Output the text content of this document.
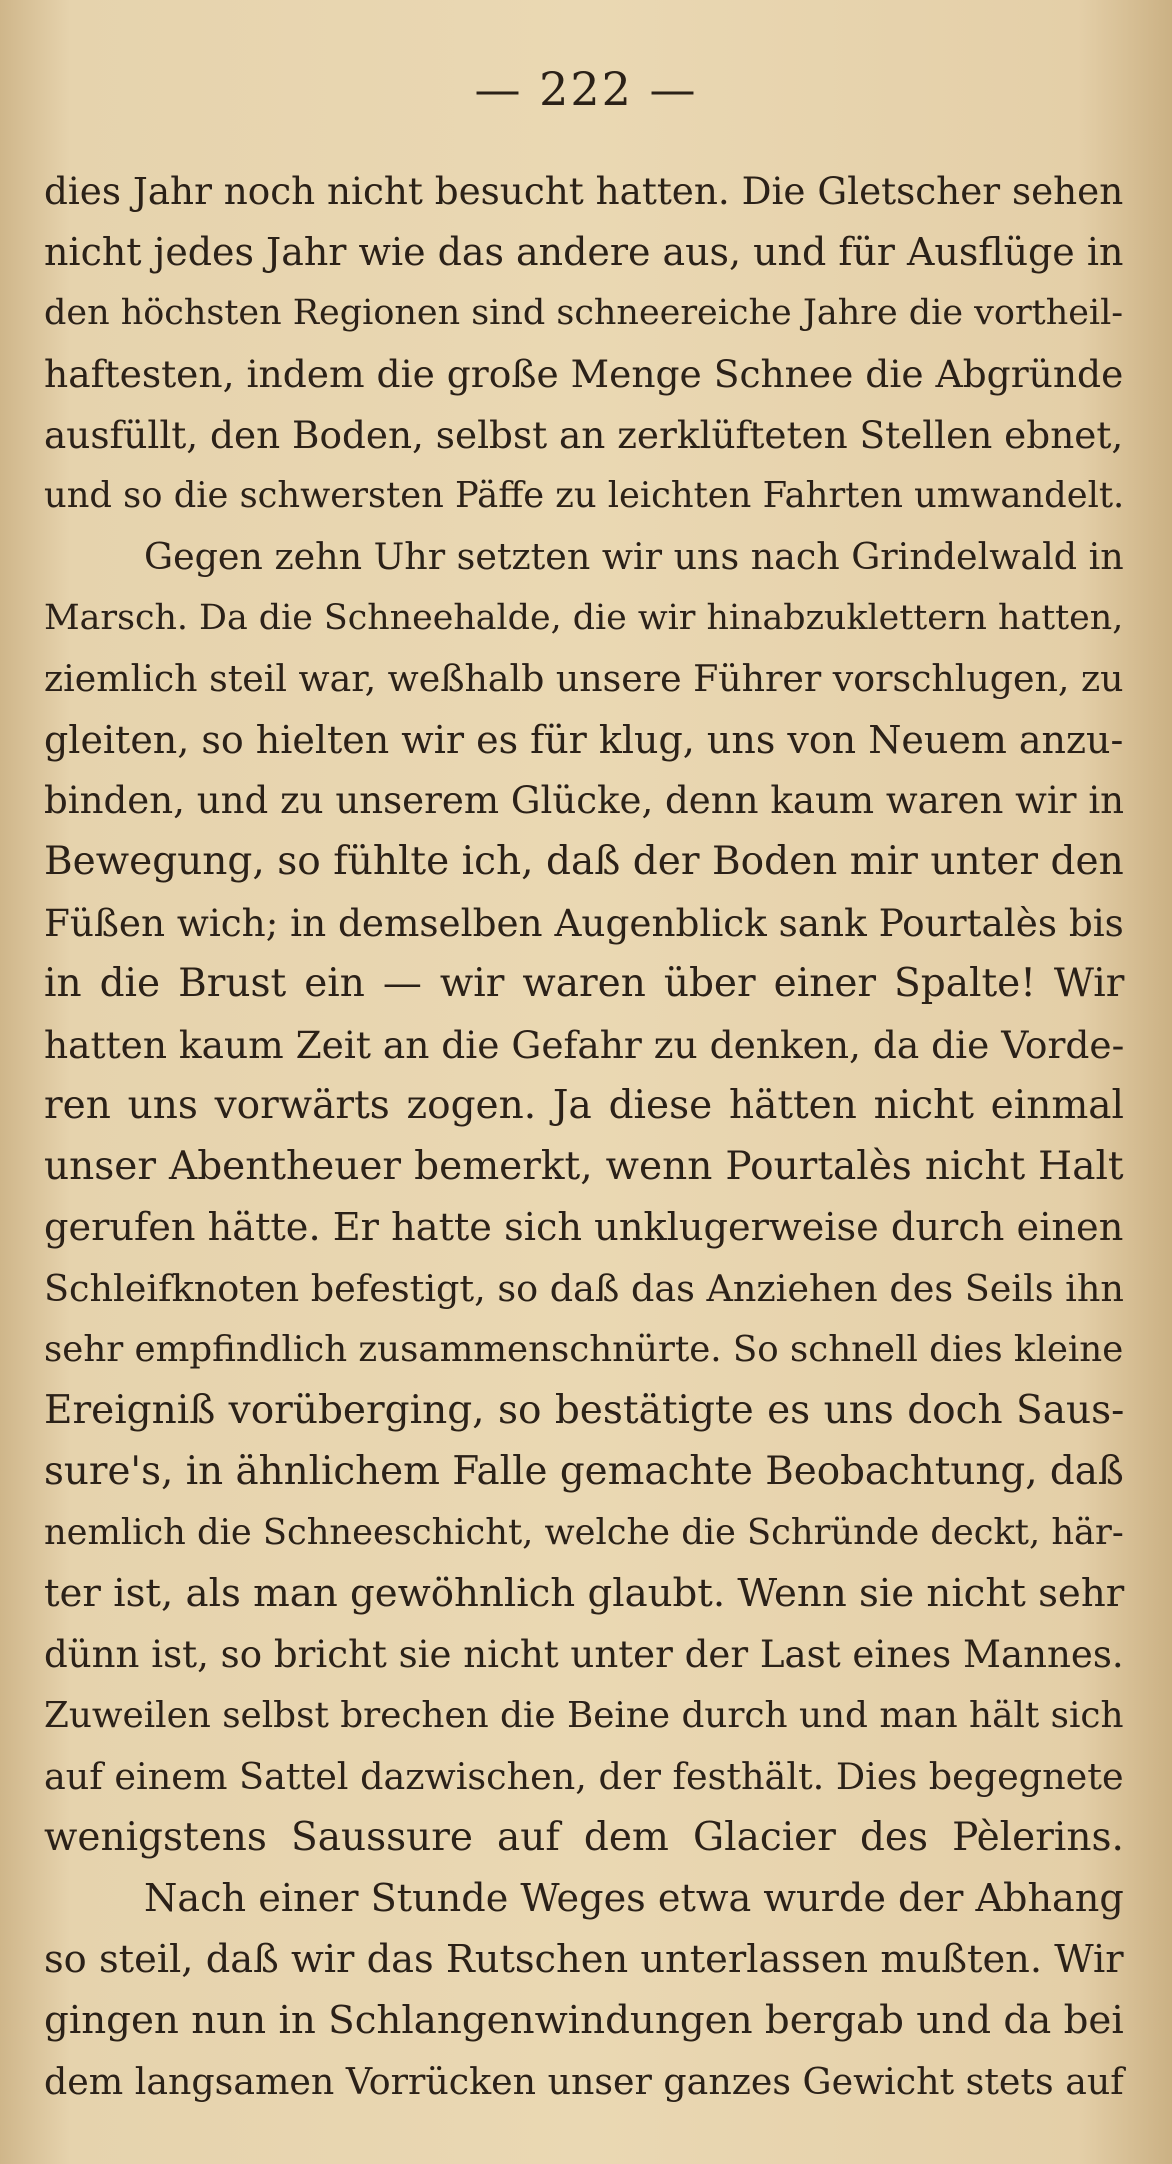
— 222 —
dies Jahr noch nicht besucht hatten. Die Gletscher sehen
nicht jedes Jahr wie das andere aus, und für Ausflüge in
den höchsten Regionen sind schneereiche Jahre die vortheil-
haftesten, indem die große Menge Schnee die Abgründe
ausfüllt, den Boden, selbst an zerklüfteten Stellen ebnet,
und so die schwersten Päffe zu leichten Fahrten umwandelt.
Gegen zehn Uhr setzten wir uns nach Grindelwald in
Marsch. Da die Schneehalde, die wir hinabzuklettern hatten,
ziemlich steil war, weßhalb unsere Führer vorschlugen, zu
gleiten, so hielten wir es für klug, uns von Neuem anzu-
binden, und zu unserem Glücke, denn kaum waren wir in
Bewegung, so fühlte ich, daß der Boden mir unter den
Füßen wich; in demselben Augenblick sank Pourtalès bis
in die Brust ein — wir waren über einer Spalte! Wir
hatten kaum Zeit an die Gefahr zu denken, da die Vorde-
ren uns vorwärts zogen. Ja diese hätten nicht einmal
unser Abentheuer bemerkt, wenn Pourtalès nicht Halt
gerufen hätte. Er hatte sich unklugerweise durch einen
Schleifknoten befestigt, so daß das Anziehen des Seils ihn
sehr empfindlich zusammenschnürte. So schnell dies kleine
Ereigniß vorüberging, so bestätigte es uns doch Saus-
sure's, in ähnlichem Falle gemachte Beobachtung, daß
nemlich die Schneeschicht, welche die Schründe deckt, här-
ter ist, als man gewöhnlich glaubt. Wenn sie nicht sehr
dünn ist, so bricht sie nicht unter der Last eines Mannes.
Zuweilen selbst brechen die Beine durch und man hält sich
auf einem Sattel dazwischen, der festhält. Dies begegnete
wenigstens Saussure auf dem Glacier des Pèlerins.
Nach einer Stunde Weges etwa wurde der Abhang
so steil, daß wir das Rutschen unterlassen mußten. Wir
gingen nun in Schlangenwindungen bergab und da bei
dem langsamen Vorrücken unser ganzes Gewicht stets auf
